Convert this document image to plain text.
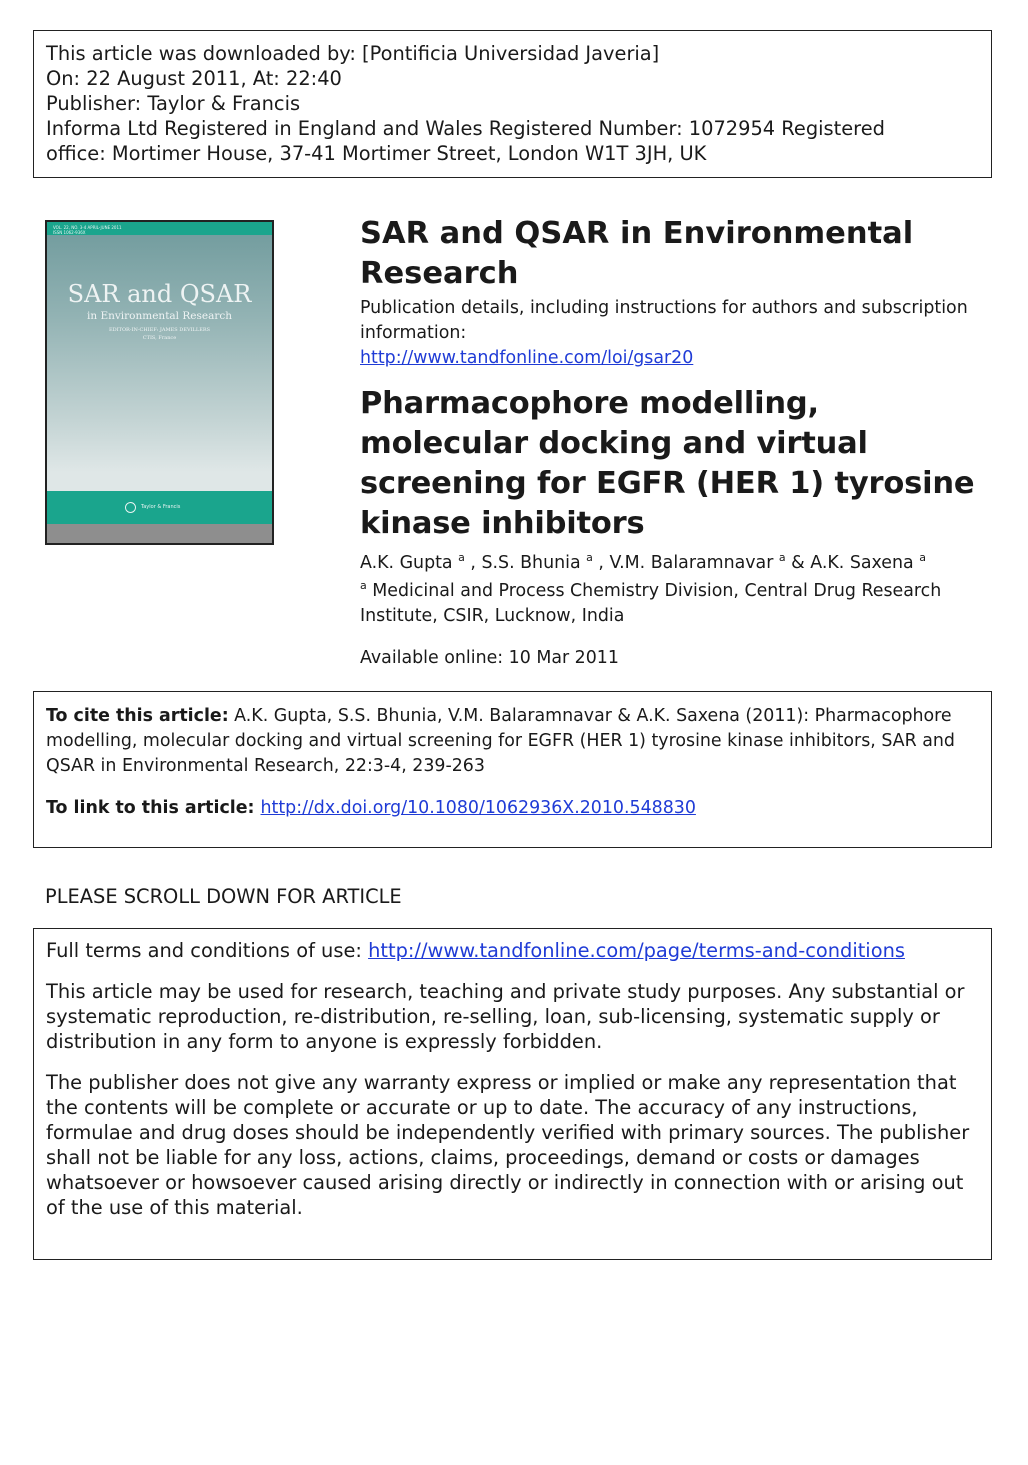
This article was downloaded by: [Pontificia Universidad Javeria]
On: 22 August 2011, At: 22:40
Publisher: Taylor & Francis
Informa Ltd Registered in England and Wales Registered Number: 1072954 Registered
office: Mortimer House, 37-41 Mortimer Street, London W1T 3JH, UK
VOL. 22, NO. 3-4 APRIL-JUNE 2011
ISSN 1062-936X
SAR and QSAR
in Environmental Research
EDITOR-IN-CHIEF: JAMES DEVILLERS
CTIS, France
Taylor & Francis
SAR and QSAR in Environmental Research
Publication details, including instructions for authors and subscription information:
http://www.tandfonline.com/loi/gsar20
Pharmacophore modelling, molecular docking and virtual screening for EGFR (HER 1) tyrosine kinase inhibitors
A.K. Gupta $^a$ , S.S. Bhunia $^a$ , V.M. Balaramnavar $^a$ & A.K. Saxena $^a$
$^a$ Medicinal and Process Chemistry Division, Central Drug Research Institute, CSIR, Lucknow, India
Available online: 10 Mar 2011
To cite this article: A.K. Gupta, S.S. Bhunia, V.M. Balaramnavar & A.K. Saxena (2011): Pharmacophore modelling, molecular docking and virtual screening for EGFR (HER 1) tyrosine kinase inhibitors, SAR and QSAR in Environmental Research, 22:3-4, 239-263
To link to this article: http://dx.doi.org/10.1080/1062936X.2010.548830
PLEASE SCROLL DOWN FOR ARTICLE

Full terms and conditions of use: http://www.tandfonline.com/page/terms-and-conditions

This article may be used for research, teaching and private study purposes. Any substantial or systematic reproduction, re-distribution, re-selling, loan, sub-licensing, systematic supply or distribution in any form to anyone is expressly forbidden.

The publisher does not give any warranty express or implied or make any representation that the contents will be complete or accurate or up to date. The accuracy of any instructions, formulae and drug doses should be independently verified with primary sources. The publisher shall not be liable for any loss, actions, claims, proceedings, demand or costs or damages whatsoever or howsoever caused arising directly or indirectly in connection with or arising out of the use of this material.
